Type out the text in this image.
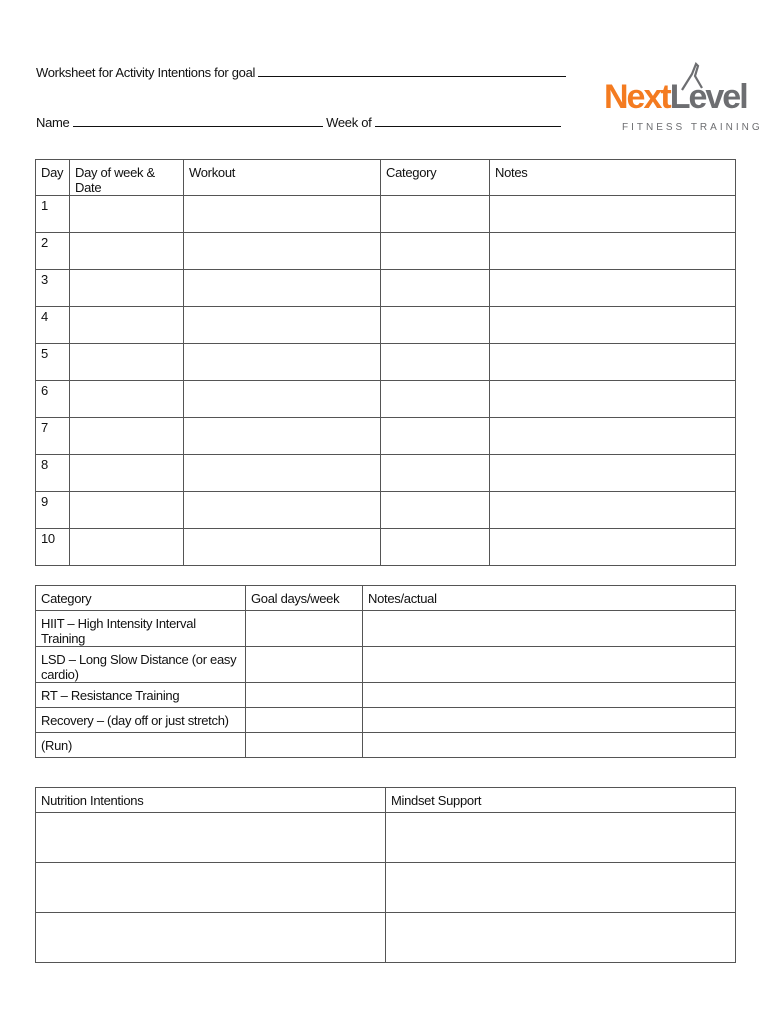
Worksheet for Activity Intentions for goal
Name	Week of
NextLevel
FITNESS TRAINING
Day	Day of week & Date	Workout	Category	Notes
1				
2				
3				
4				
5				
6				
7				
8				
9				
10				
Category	Goal days/week	Notes/actual
HIIT – High Intensity Interval Training		
LSD – Long Slow Distance (or easy cardio)		
RT – Resistance Training		
Recovery – (day off or just stretch)		
(Run)		
Nutrition Intentions	Mindset Support
